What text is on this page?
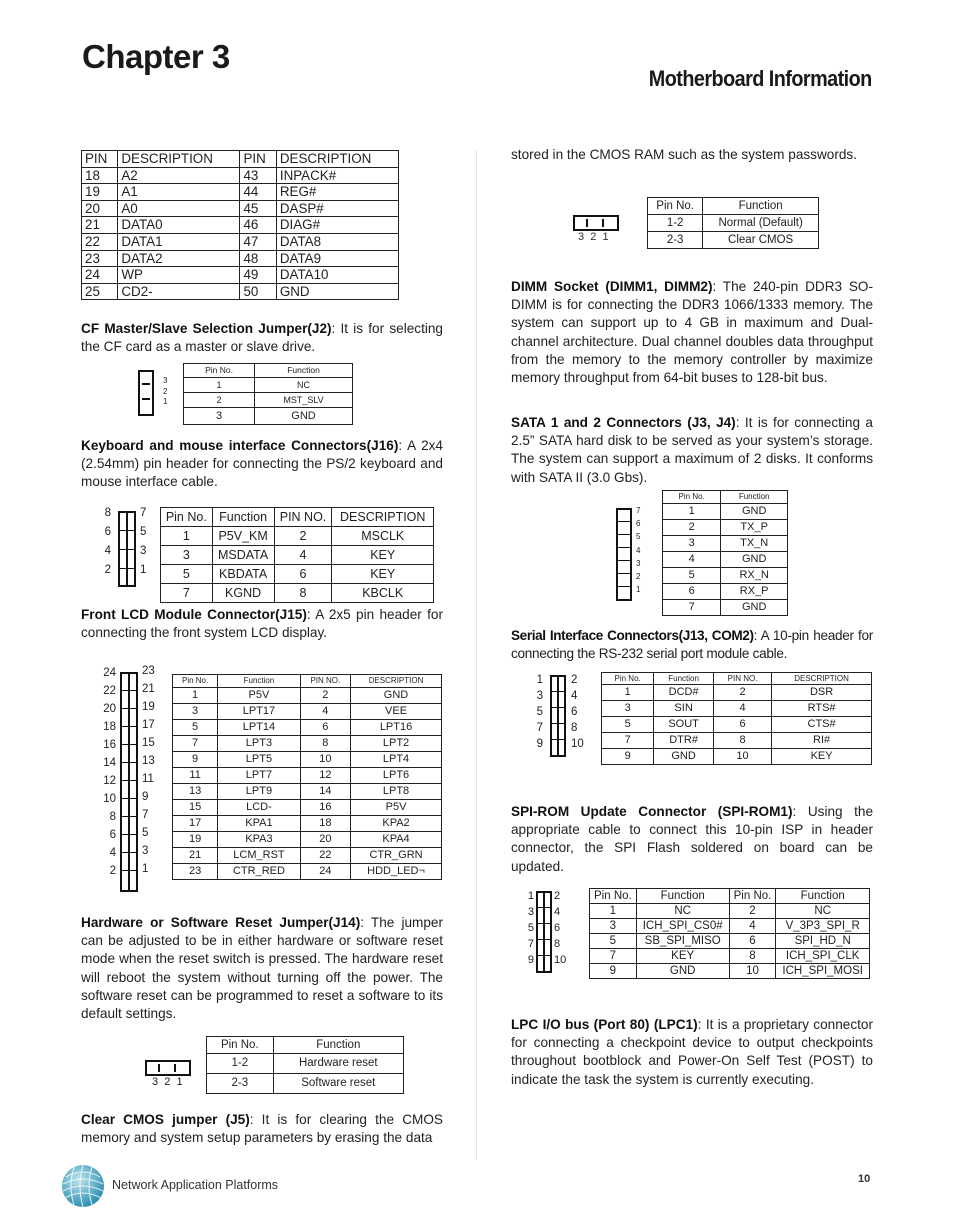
Chapter 3
Motherboard Information
PIN	DESCRIPTION	PIN	DESCRIPTION
18	A2	43	INPACK#
19	A1	44	REG#
20	A0	45	DASP#
21	DATA0	46	DIAG#
22	DATA1	47	DATA8
23	DATA2	48	DATA9
24	WP	49	DATA10
25	CD2-	50	GND

CF Master/Slave Selection Jumper(J2): It is for selecting the CF card as a master or slave drive.

3
2
1
Pin No.	Function
1	NC
2	MST_SLV
3	GND

Keyboard and mouse interface Connectors(J16): A 2x4 (2.54mm) pin header for connecting the PS/2 keyboard and mouse interface cable.

8	7
6	5
4	3
2	1
Pin No.	Function	PIN NO.	DESCRIPTION
1	P5V_KM	2	MSCLK
3	MSDATA	4	KEY
5	KBDATA	6	KEY
7	KGND	8	KBCLK

Front LCD Module Connector(J15): A 2x5 pin header for connecting the front system LCD display.

24 23
22 21
20 19
18 17
16 15
14 13
12 11
10 9
8 7
6 5
4 3
2 1
Pin No.	Function	PIN NO.	DESCRIPTION
1	P5V	2	GND
3	LPT17	4	VEE
5	LPT14	6	LPT16
7	LPT3	8	LPT2
9	LPT5	10	LPT4
11	LPT7	12	LPT6
13	LPT9	14	LPT8
15	LCD-	16	P5V
17	KPA1	18	KPA2
19	KPA3	20	KPA4
21	LCM_RST	22	CTR_GRN
23	CTR_RED	24	HDD_LED¬

Hardware or Software Reset Jumper(J14): The jumper can be adjusted to be in either hardware or software reset mode when the reset switch is pressed. The hardware reset will reboot the system without turning off the power. The software reset can be programmed to reset a software to its default settings.

3  2  1
Pin No.	Function
1-2	Hardware reset
2-3	Software reset

Clear CMOS jumper (J5): It is for clearing the CMOS memory and system setup parameters by erasing the data

stored in the CMOS RAM such as the system passwords.

3  2  1
Pin No.	Function
1-2	Normal (Default)
2-3	Clear CMOS

DIMM Socket (DIMM1, DIMM2): The 240-pin DDR3 SO-DIMM is for connecting the DDR3 1066/1333 memory. The system can support up to 4 GB in maximum and Dual-channel architecture. Dual channel doubles data throughput from the memory to the memory controller by maximize memory throughput from 64-bit buses to 128-bit bus.

SATA 1 and 2 Connectors (J3, J4): It is for connecting a 2.5” SATA hard disk to be served as your system’s storage. The system can support a maximum of 2 disks. It conforms with SATA II (3.0 Gbs).

7
6
5
4
3
2
1
Pin No.	Function
1	GND
2	TX_P
3	TX_N
4	GND
5	RX_N
6	RX_P
7	GND

Serial Interface Connectors(J13, COM2): A 10-pin header for connecting the RS-232 serial port module cable.

1 2
3 4
5 6
7 8
9 10
Pin No.	Function	PIN NO.	DESCRIPTION
1	DCD#	2	DSR
3	SIN	4	RTS#
5	SOUT	6	CTS#
7	DTR#	8	RI#
9	GND	10	KEY

SPI-ROM Update Connector (SPI-ROM1): Using the appropriate cable to connect this 10-pin ISP in header connector, the SPI Flash soldered on board can be updated.

1 2
3 4
5 6
7 8
9 10
Pin No.	Function	Pin No.	Function
1	NC	2	NC
3	ICH_SPI_CS0#	4	V_3P3_SPI_R
5	SB_SPI_MISO	6	SPI_HD_N
7	KEY	8	ICH_SPI_CLK
9	GND	10	ICH_SPI_MOSI

LPC I/O bus (Port 80) (LPC1): It is a proprietary connector for connecting a checkpoint device to output checkpoints throughout bootblock and Power-On Self Test (POST) to indicate the task the system is currently executing.

Network Application Platforms	10
